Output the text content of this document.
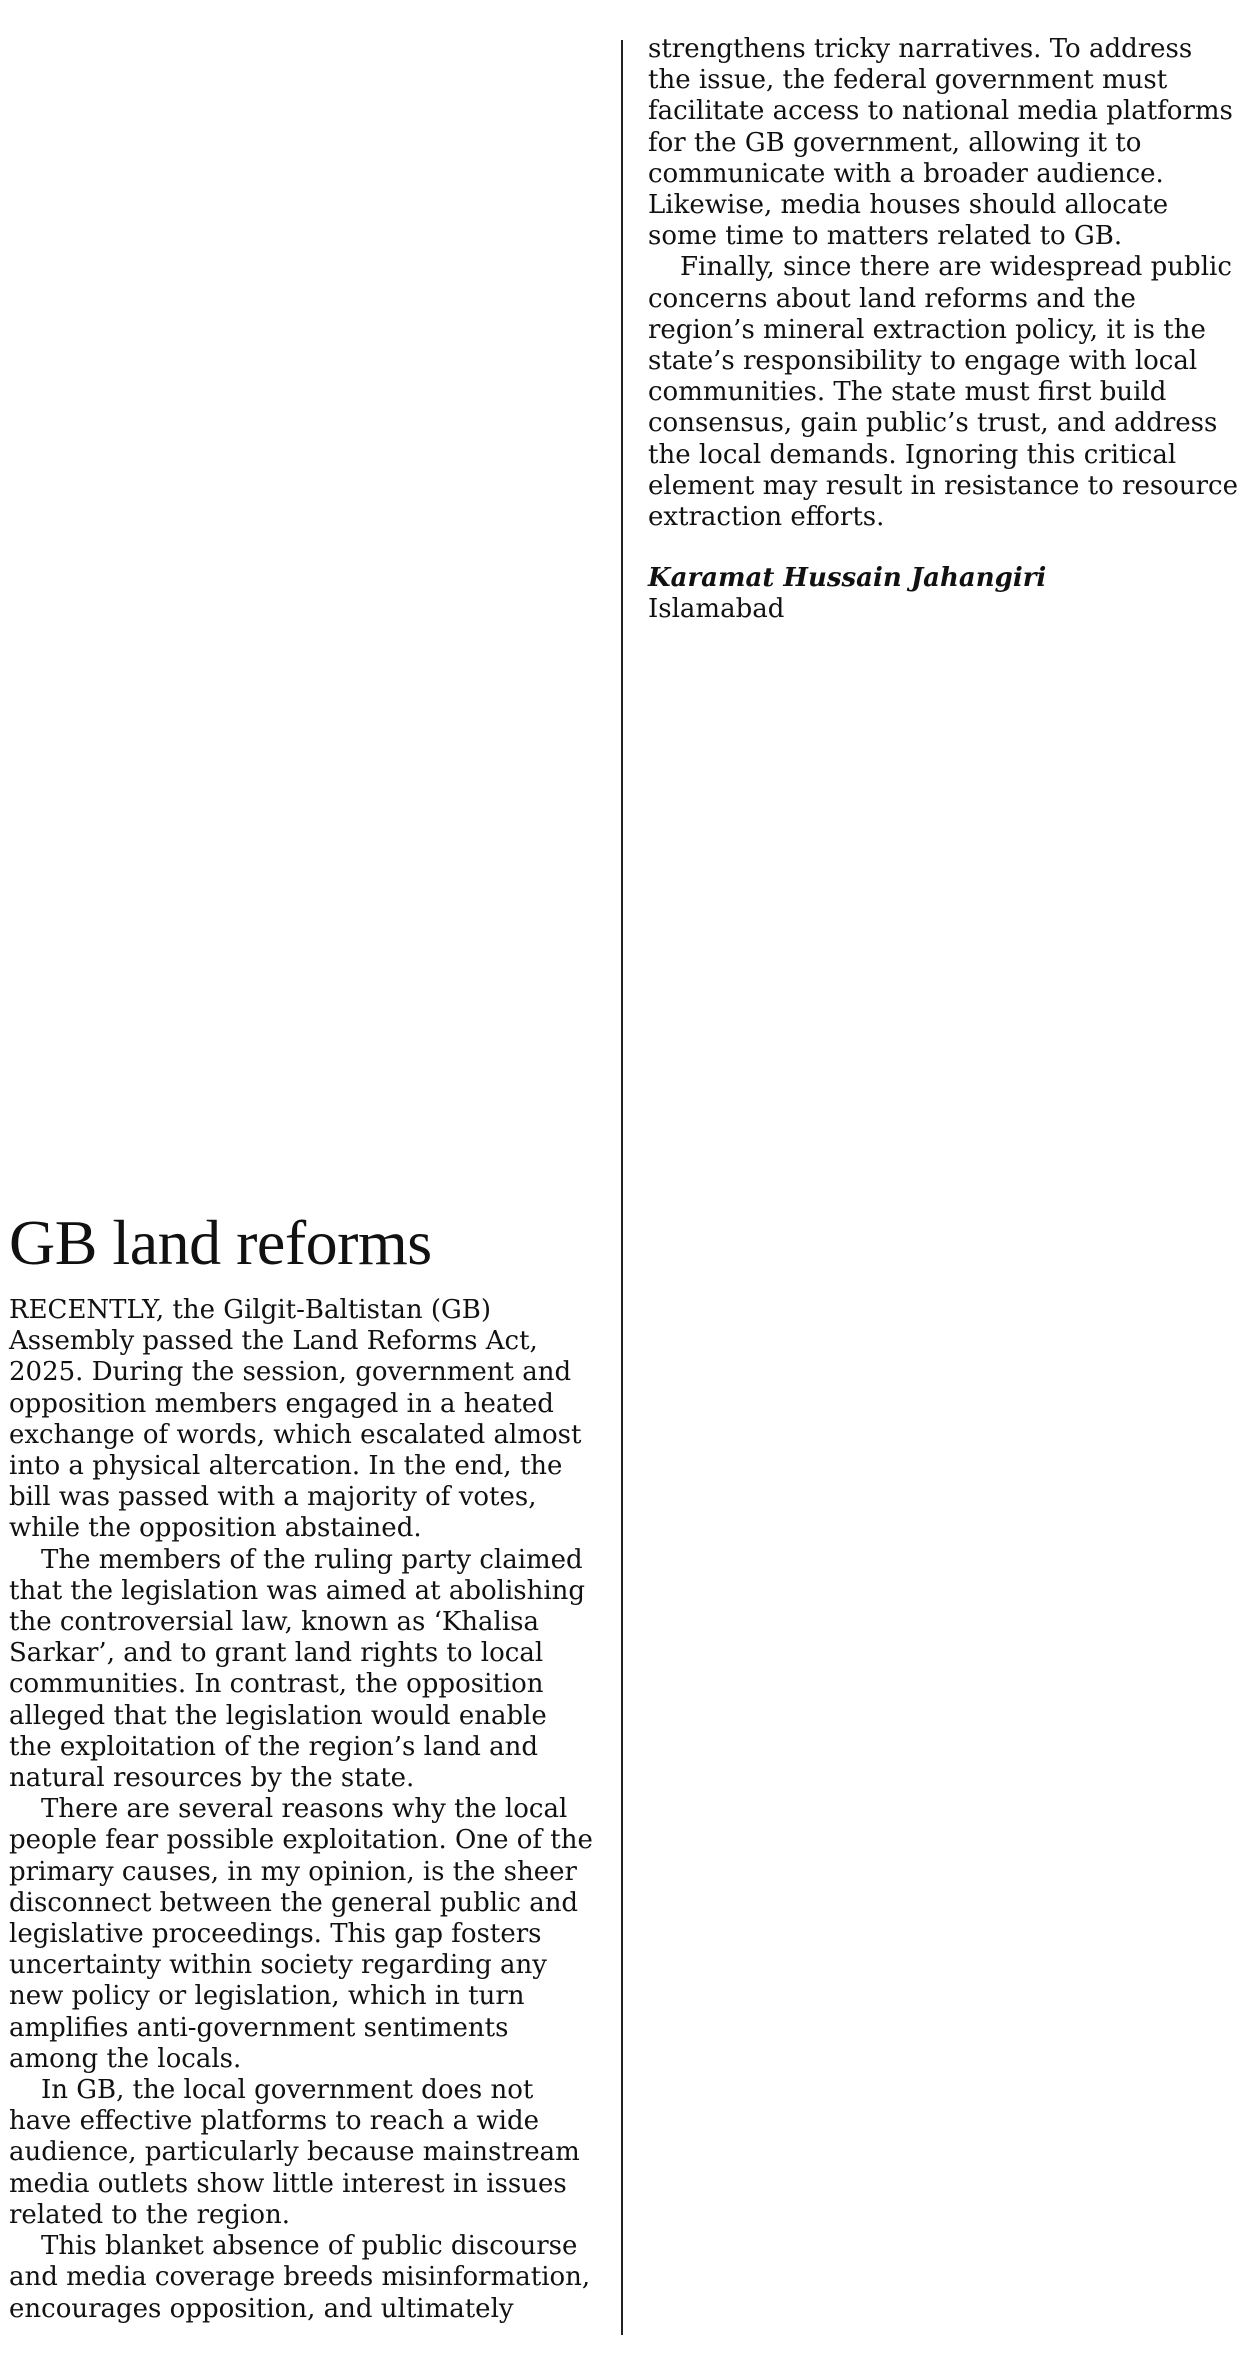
GB land reforms

RECENTLY, the Gilgit-Baltistan (GB) Assembly passed the Land Reforms Act, 2025. During the session, government and opposition members engaged in a heated exchange of words, which escalated almost into a physical altercation. In the end, the bill was passed with a majority of votes, while the opposition abstained.

The members of the ruling party claimed that the legislation was aimed at abolishing the controversial law, known as ‘Khalisa Sarkar’, and to grant land rights to local communities. In contrast, the opposition alleged that the legislation would enable the exploitation of the region’s land and natural resources by the state.

There are several reasons why the local people fear possible exploitation. One of the primary causes, in my opinion, is the sheer disconnect between the general public and legislative proceedings. This gap fosters uncertainty within society regarding any new policy or legislation, which in turn amplifies anti-government sentiments among the locals.

In GB, the local government does not have effective platforms to reach a wide audience, particularly because mainstream media outlets show little interest in issues related to the region.

This blanket absence of public discourse and media coverage breeds misinformation, encourages opposition, and ultimately

strengthens tricky narratives. To address the issue, the federal government must facilitate access to national media platforms for the GB government, allowing it to communicate with a broader audience. Likewise, media houses should allocate some time to matters related to GB.

Finally, since there are widespread public concerns about land reforms and the region’s mineral extraction policy, it is the state’s responsibility to engage with local communities. The state must first build consensus, gain public’s trust, and address the local demands. Ignoring this critical element may result in resistance to resource extraction efforts.

Karamat Hussain Jahangiri
Islamabad
